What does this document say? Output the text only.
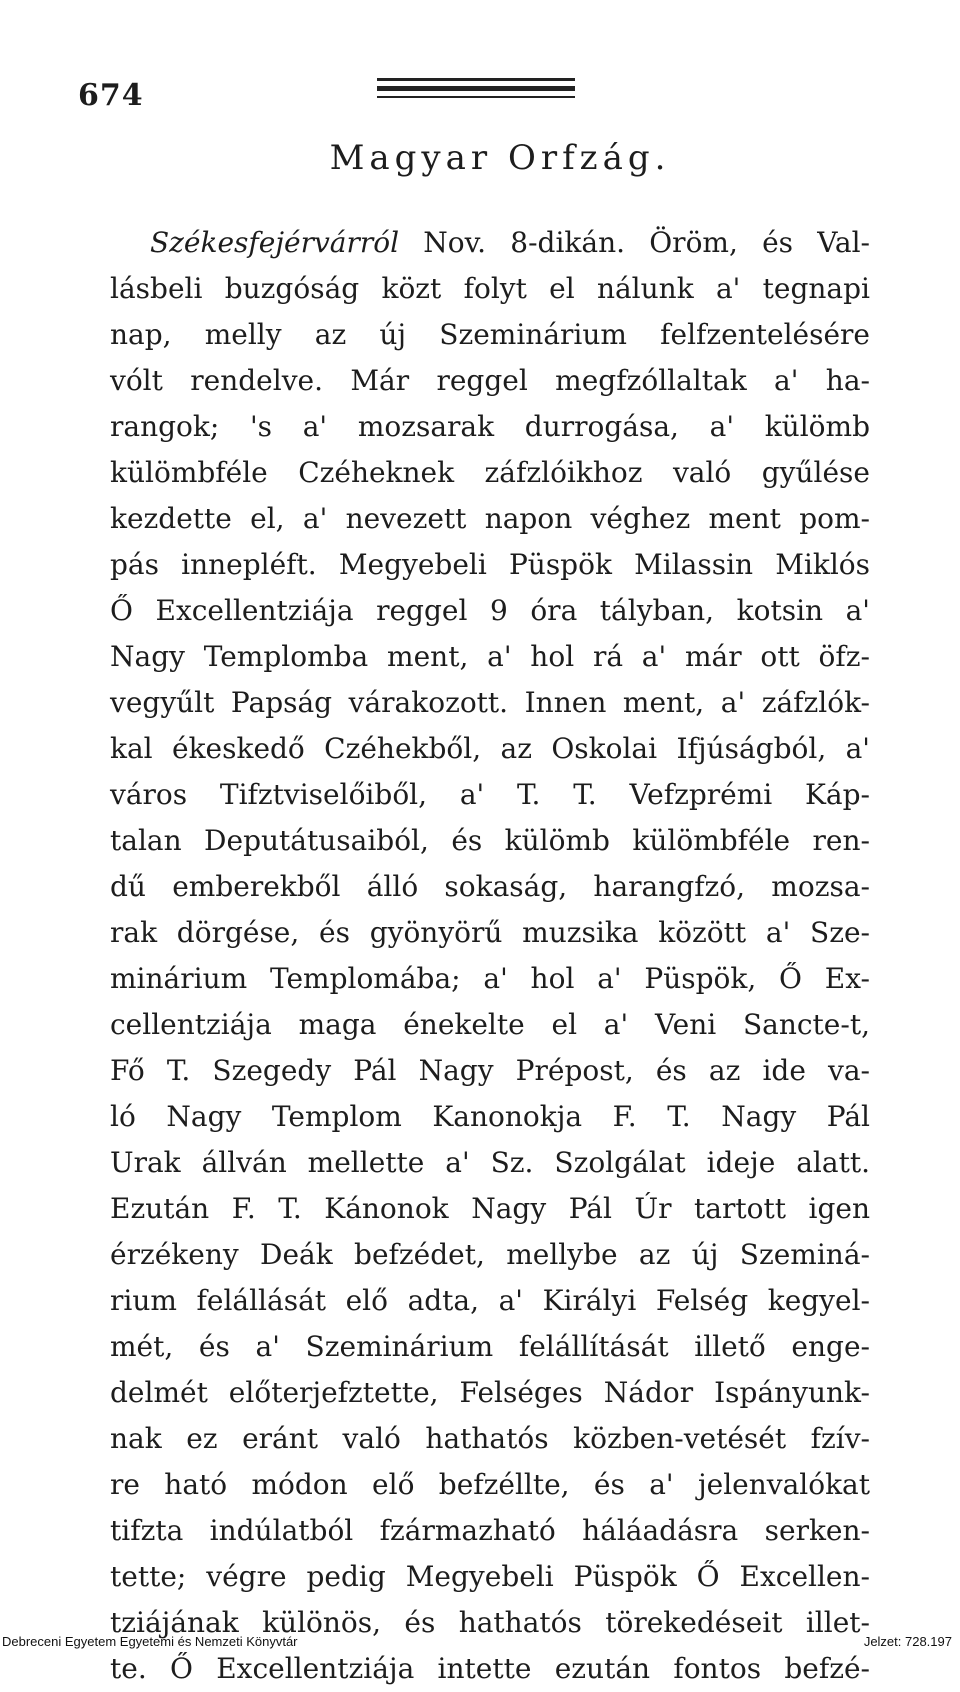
674
Magyar Orfzág.
Székesfejérvárról Nov. 8-dikán. Öröm, és Val-
lásbeli buzgóság közt folyt el nálunk a' tegnapi
nap, melly az új Szeminárium felfzentelésére
vólt rendelve. Már reggel megfzóllaltak a' ha-
rangok; 's a' mozsarak durrogása, a' külömb
külömbféle Czéheknek záfzlóikhoz való gyűlése
kezdette el, a' nevezett napon véghez ment pom-
pás innepléft. Megyebeli Püspök Milassin Miklós
Ő Excellentziája reggel 9 óra tályban, kotsin a'
Nagy Templomba ment, a' hol rá a' már ott öfz-
vegyűlt Papság várakozott. Innen ment, a' záfzlók-
kal ékeskedő Czéhekből, az Oskolai Ifjúságból, a'
város Tifztviselőiből, a' T. T. Vefzprémi Káp-
talan Deputátusaiból, és külömb külömbféle ren-
dű emberekből álló sokaság, harangfzó, mozsa-
rak dörgése, és gyönyörű muzsika között a' Sze-
minárium Templomába; a' hol a' Püspök, Ő Ex-
cellentziája maga énekelte el a' Veni Sancte-t,
Fő T. Szegedy Pál Nagy Prépost, és az ide va-
ló Nagy Templom Kanonokja F. T. Nagy Pál
Urak állván mellette a' Sz. Szolgálat ideje alatt.
Ezután F. T. Kánonok Nagy Pál Úr tartott igen
érzékeny Deák befzédet, mellybe az új Szeminá-
rium felállását elő adta, a' Királyi Felség kegyel-
mét, és a' Szeminárium felállítását illető enge-
delmét előterjefztette, Felséges Nádor Ispányunk-
nak ez eránt való hathatós közben-vetését fzív-
re ható módon elő befzéllte, és a' jelenvalókat
tifzta indúlatból fzármazható háláadásra serken-
tette; végre pedig Megyebeli Püspök Ő Excellen-
tziájának különös, és hathatós törekedéseit illet-
te. Ő Excellentziája intette ezután fontos befzé-
Debreceni Egyetem Egyetemi és Nemzeti Könyvtár	Jelzet: 728.197
